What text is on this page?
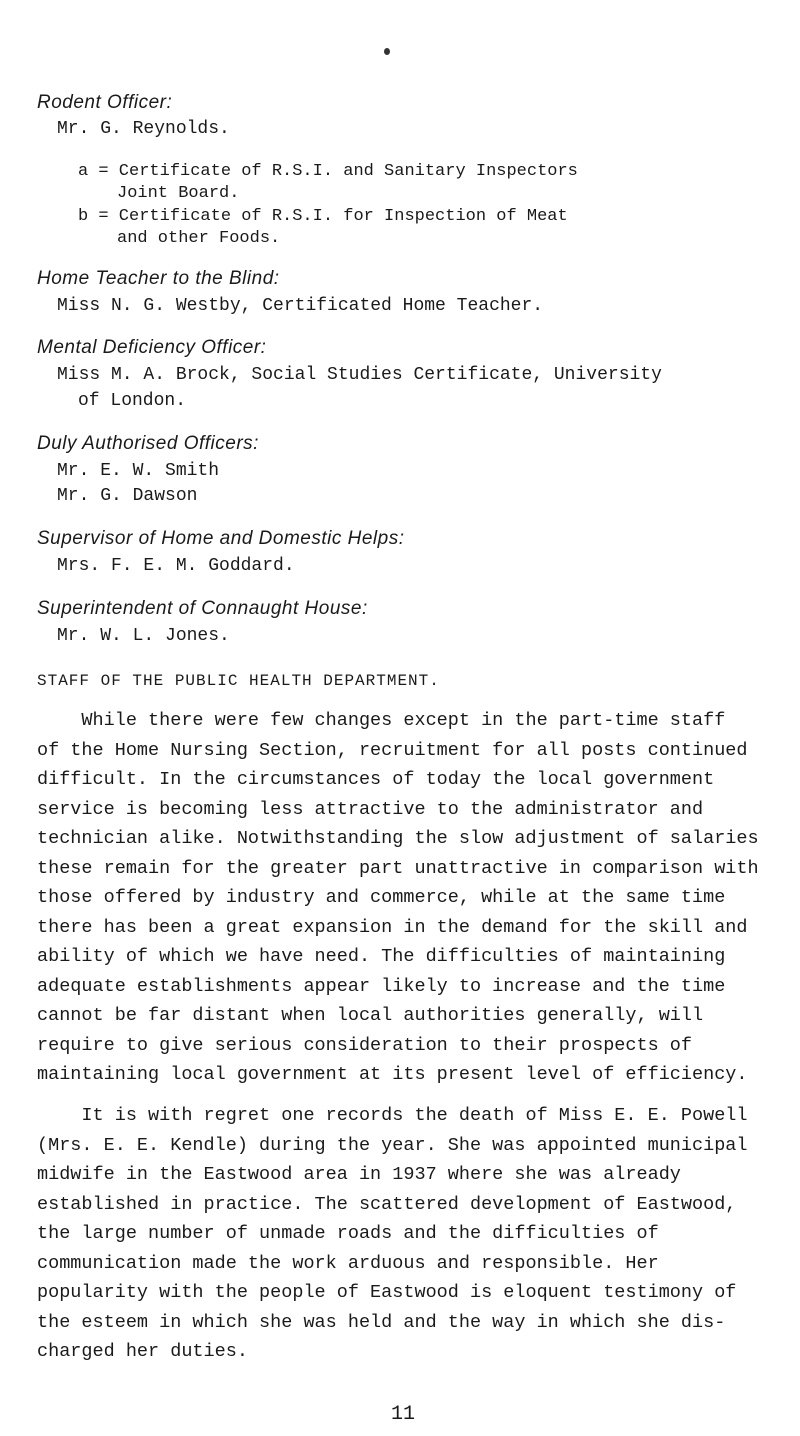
Rodent Officer:
Mr. G. Reynolds.
a = Certificate of R.S.I. and Sanitary Inspectors
Joint Board.
b = Certificate of R.S.I. for Inspection of Meat
and other Foods.
Home Teacher to the Blind:
Miss N. G. Westby, Certificated Home Teacher.
Mental Deficiency Officer:
Miss M. A. Brock, Social Studies Certificate, University
of London.
Duly Authorised Officers:
Mr. E. W. Smith
Mr. G. Dawson
Supervisor of Home and Domestic Helps:
Mrs. F. E. M. Goddard.
Superintendent of Connaught House:
Mr. W. L. Jones.
STAFF OF THE PUBLIC HEALTH DEPARTMENT.

While there were few changes except in the part-time staff

of the Home Nursing Section, recruitment for all posts continued

difficult. In the circumstances of today the local government

service is becoming less attractive to the administrator and

technician alike. Notwithstanding the slow adjustment of salaries

these remain for the greater part unattractive in comparison with

those offered by industry and commerce, while at the same time

there has been a great expansion in the demand for the skill and

ability of which we have need. The difficulties of maintaining

adequate establishments appear likely to increase and the time

cannot be far distant when local authorities generally, will

require to give serious consideration to their prospects of

maintaining local government at its present level of efficiency.

It is with regret one records the death of Miss E. E. Powell

(Mrs. E. E. Kendle) during the year. She was appointed municipal

midwife in the Eastwood area in 1937 where she was already

established in practice. The scattered development of Eastwood,

the large number of unmade roads and the difficulties of

communication made the work arduous and responsible. Her

popularity with the people of Eastwood is eloquent testimony of

the esteem in which she was held and the way in which she dis-

charged her duties.

11
